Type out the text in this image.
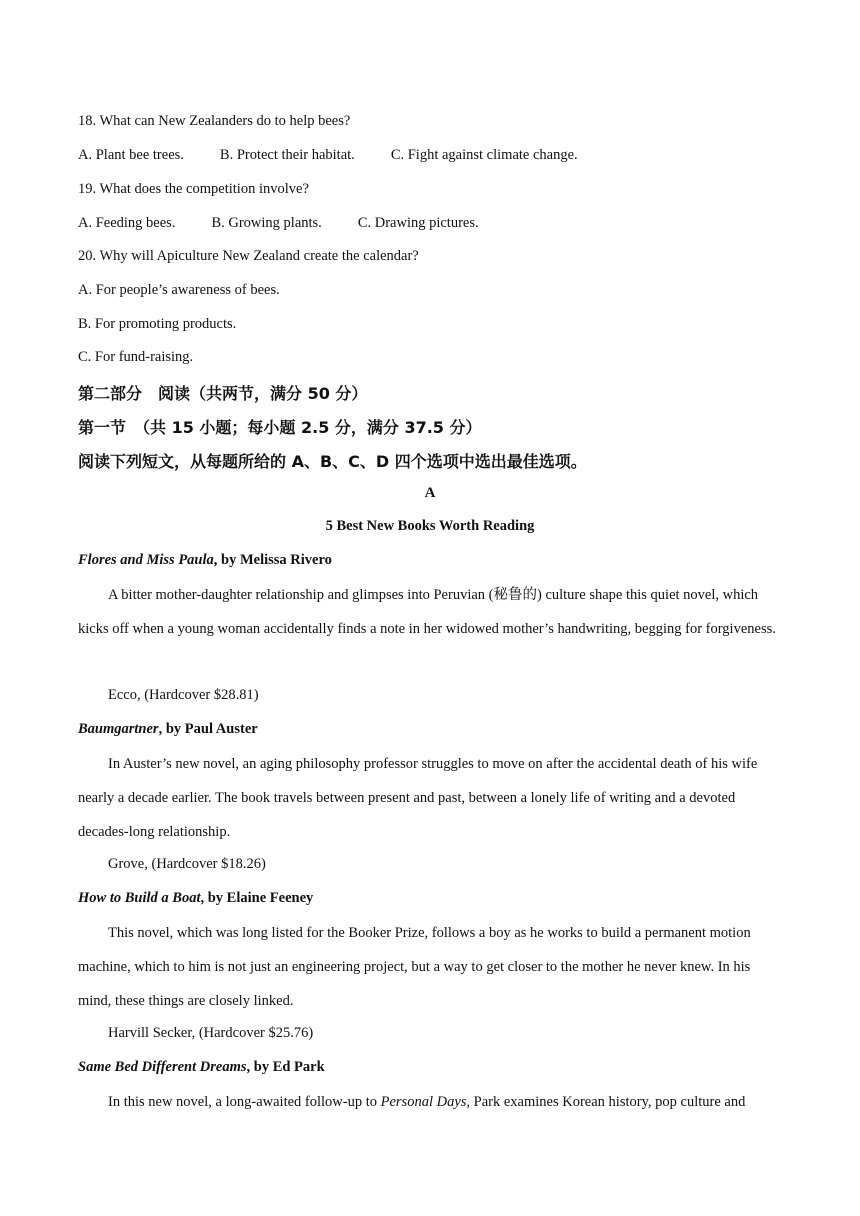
18. What can New Zealanders do to help bees?
A. Plant bee trees. B. Protect their habitat. C. Fight against climate change.
19. What does the competition involve?
A. Feeding bees. B. Growing plants. C. Drawing pictures.
20. Why will Apiculture New Zealand create the calendar?
A. For people’s awareness of bees.
B. For promoting products.
C. For fund-raising.
第二部分　阅读（共两节，满分 50 分）
第一节　（共 15 小题；每小题 2.5 分，满分 37.5 分）
阅读下列短文，从每题所给的 A、B、C、D 四个选项中选出最佳选项。
A
5 Best New Books Worth Reading
Flores and Miss Paula, by Melissa Rivero
A bitter mother-daughter relationship and glimpses into Peruvian (秘鲁的) culture shape this quiet novel, which kicks off when a young woman accidentally finds a note in her widowed mother’s handwriting, begging for forgiveness.
Ecco, (Hardcover $28.81)
Baumgartner, by Paul Auster
In Auster’s new novel, an aging philosophy professor struggles to move on after the accidental death of his wife nearly a decade earlier. The book travels between present and past, between a lonely life of writing and a devoted decades-long relationship.
Grove, (Hardcover $18.26)
How to Build a Boat, by Elaine Feeney
This novel, which was long listed for the Booker Prize, follows a boy as he works to build a permanent motion machine, which to him is not just an engineering project, but a way to get closer to the mother he never knew. In his mind, these things are closely linked.
Harvill Secker, (Hardcover $25.76)
Same Bed Different Dreams, by Ed Park
In this new novel, a long-awaited follow-up to Personal Days, Park examines Korean history, pop culture and
